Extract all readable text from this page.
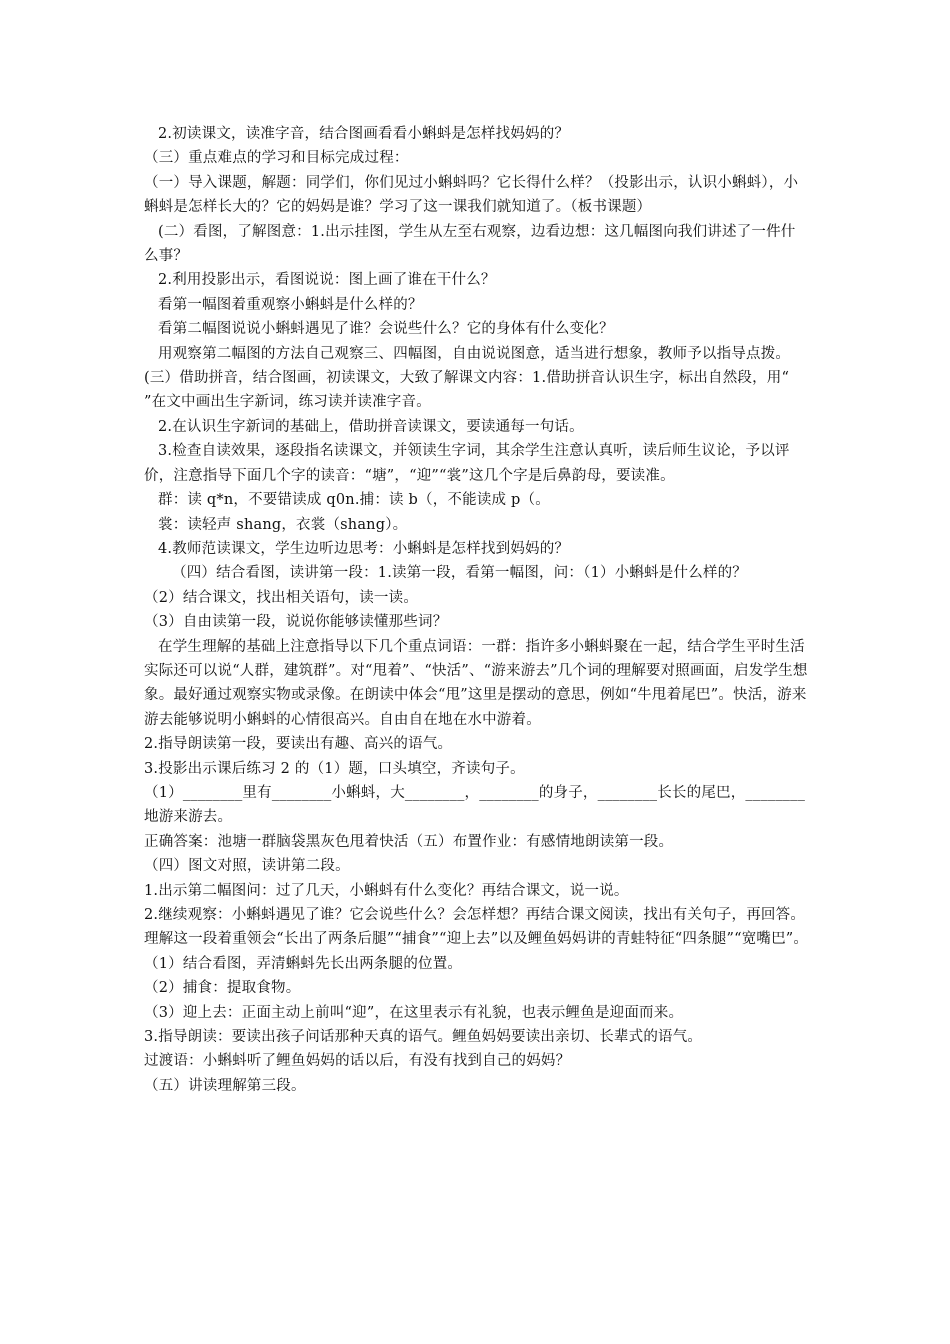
2.初读课文，读准字音，结合图画看看小蝌蚪是怎样找妈妈的？

（三）重点难点的学习和目标完成过程：

（一）导入课题，解题：同学们，你们见过小蝌蚪吗？它长得什么样？（投影出示，认识小蝌蚪），小蝌蚪是怎样长大的？它的妈妈是谁？学习了这一课我们就知道了。（板书课题）

(二）看图，了解图意：1.出示挂图，学生从左至右观察，边看边想：这几幅图向我们讲述了一件什么事？

2.利用投影出示，看图说说：图上画了谁在干什么？

看第一幅图着重观察小蝌蚪是什么样的？

看第二幅图说说小蝌蚪遇见了谁？会说些什么？它的身体有什么变化？

用观察第二幅图的方法自己观察三、四幅图，自由说说图意，适当进行想象，教师予以指导点拨。

(三）借助拼音，结合图画，初读课文，大致了解课文内容：1.借助拼音认识生字，标出自然段，用“ ”在文中画出生字新词，练习读并读准字音。

2.在认识生字新词的基础上，借助拼音读课文，要读通每一句话。

3.检查自读效果，逐段指名读课文，并领读生字词，其余学生注意认真听，读后师生议论，予以评价，注意指导下面几个字的读音：“塘”，“迎”“裳”这几个字是后鼻韵母，要读准。

群：读 q*n，不要错读成 q0n.捕：读 b（，不能读成 p（。

裳：读轻声 shang，衣裳（shang）。

4.教师范读课文，学生边听边思考：小蝌蚪是怎样找到妈妈的？

（四）结合看图，读讲第一段：1.读第一段，看第一幅图，问：（1）小蝌蚪是什么样的？

（2）结合课文，找出相关语句，读一读。

（3）自由读第一段，说说你能够读懂那些词？

在学生理解的基础上注意指导以下几个重点词语：一群：指许多小蝌蚪聚在一起，结合学生平时生活实际还可以说“人群，建筑群”。对“甩着”、“快活”、“游来游去”几个词的理解要对照画面，启发学生想象。最好通过观察实物或录像。在朗读中体会“甩”这里是摆动的意思，例如“牛甩着尾巴”。快活，游来游去能够说明小蝌蚪的心情很高兴。自由自在地在水中游着。

2.指导朗读第一段，要读出有趣、高兴的语气。

3.投影出示课后练习 2 的（1）题，口头填空，齐读句子。

（1）________里有________小蝌蚪，大________，________的身子，________长长的尾巴，________地游来游去。

正确答案：池塘一群脑袋黑灰色甩着快活（五）布置作业：有感情地朗读第一段。

（四）图文对照，读讲第二段。

1.出示第二幅图问：过了几天，小蝌蚪有什么变化？再结合课文，说一说。

2.继续观察：小蝌蚪遇见了谁？它会说些什么？会怎样想？再结合课文阅读，找出有关句子，再回答。

理解这一段着重领会“长出了两条后腿”“捕食”“迎上去”以及鲤鱼妈妈讲的青蛙特征“四条腿”“宽嘴巴”。

（1）结合看图，弄清蝌蚪先长出两条腿的位置。

（2）捕食：提取食物。

（3）迎上去：正面主动上前叫“迎”，在这里表示有礼貌，也表示鲤鱼是迎面而来。

3.指导朗读：要读出孩子问话那种天真的语气。鲤鱼妈妈要读出亲切、长辈式的语气。

过渡语：小蝌蚪听了鲤鱼妈妈的话以后，有没有找到自己的妈妈？

（五）讲读理解第三段。
